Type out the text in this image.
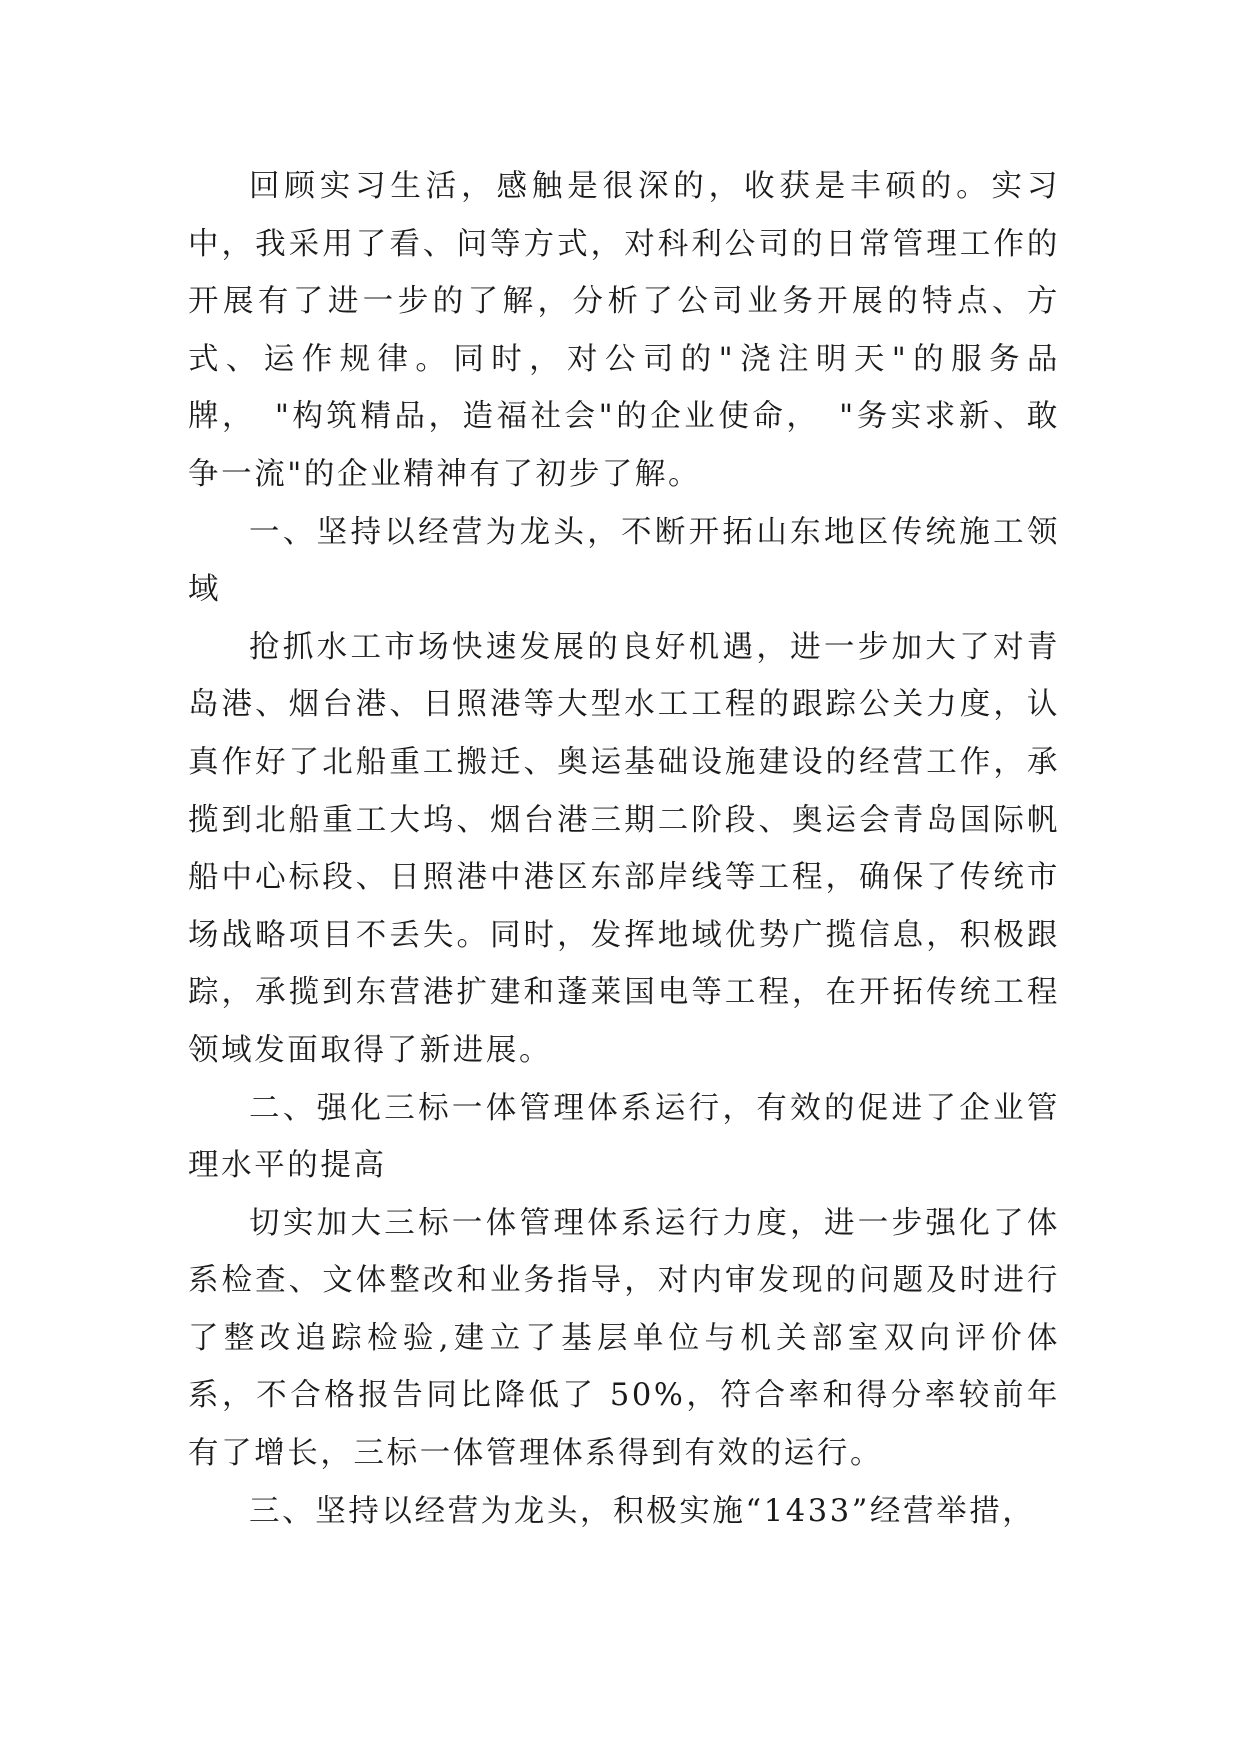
回顾实习生活，感触是很深的，收获是丰硕的。实习中，我采用了看、问等方式，对科利公司的日常管理工作的开展有了进一步的了解，分析了公司业务开展的特点、方式、运作规律。同时，对公司的"浇注明天"的服务品牌，　"构筑精品，造福社会"的企业使命，　"务实求新、敢争一流"的企业精神有了初步了解。

一、坚持以经营为龙头，不断开拓山东地区传统施工领域

抢抓水工市场快速发展的良好机遇，进一步加大了对青岛港、烟台港、日照港等大型水工工程的跟踪公关力度，认真作好了北船重工搬迁、奥运基础设施建设的经营工作，承揽到北船重工大坞、烟台港三期二阶段、奥运会青岛国际帆船中心标段、日照港中港区东部岸线等工程，确保了传统市场战略项目不丢失。同时，发挥地域优势广揽信息，积极跟踪，承揽到东营港扩建和蓬莱国电等工程，在开拓传统工程领域发面取得了新进展。

二、强化三标一体管理体系运行，有效的促进了企业管理水平的提高

切实加大三标一体管理体系运行力度，进一步强化了体系检查、文体整改和业务指导，对内审发现的问题及时进行了整改追踪检验,建立了基层单位与机关部室双向评价体系，不合格报告同比降低了 50%，符合率和得分率较前年有了增长，三标一体管理体系得到有效的运行。

三、坚持以经营为龙头，积极实施“1433”经营举措，
